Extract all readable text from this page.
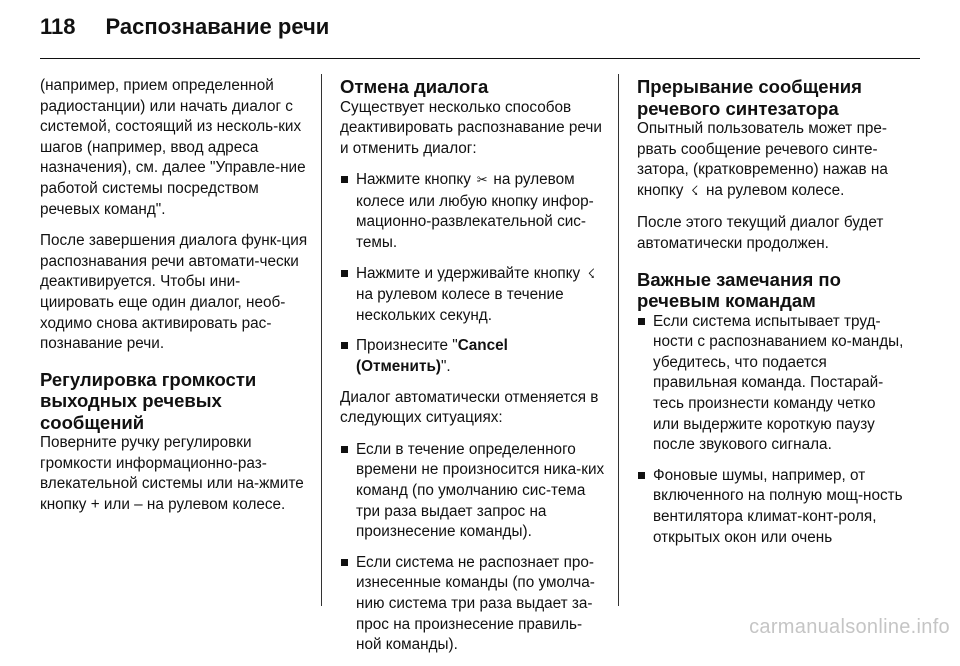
118 Распознавание речи

(например, прием определенной радиостанции) или начать диалог с системой, состоящий из несколь-ких шагов (например, ввод адреса назначения), см. далее "Управле-ние работой системы посредством речевых команд".

После завершения диалога функ-ция распознавания речи автомати-чески деактивируется. Чтобы ини-циировать еще один диалог, необ-ходимо снова активировать рас-познавание речи.

Регулировка громкости выходных речевых сообщений

Поверните ручку регулировки громкости информационно-раз-влекательной системы или на-жмите кнопку + или – на рулевом колесе.

Отмена диалога

Существует несколько способов деактивировать распознавание речи и отменить диалог:

Нажмите кнопку ✂ на рулевом колесе или любую кнопку инфор-мационно-развлекательной сис-темы.
Нажмите и удерживайте кнопку ☇ на рулевом колесе в течение нескольких секунд.
Произнесите "Cancel (Отменить)".

Диалог автоматически отменяется в следующих ситуациях:

Если в течение определенного времени не произносится ника-ких команд (по умолчанию сис-тема три раза выдает запрос на произнесение команды).
Если система не распознает про-изнесенные команды (по умолча-нию система три раза выдает за-прос на произнесение правиль-ной команды).
Прерывание сообщения речевого синтезатора

Опытный пользователь может пре-рвать сообщение речевого синте-затора, (кратковременно) нажав на кнопку ☇ на рулевом колесе.

После этого текущий диалог будет автоматически продолжен.

Важные замечания по речевым командам
Если система испытывает труд-ности с распознаванием ко-манды, убедитесь, что подается правильная команда. Постарай-тесь произнести команду четко или выдержите короткую паузу после звукового сигнала.
Фоновые шумы, например, от включенного на полную мощ-ность вентилятора климат-конт-роля, открытых окон или очень
carmanualsonline.info
